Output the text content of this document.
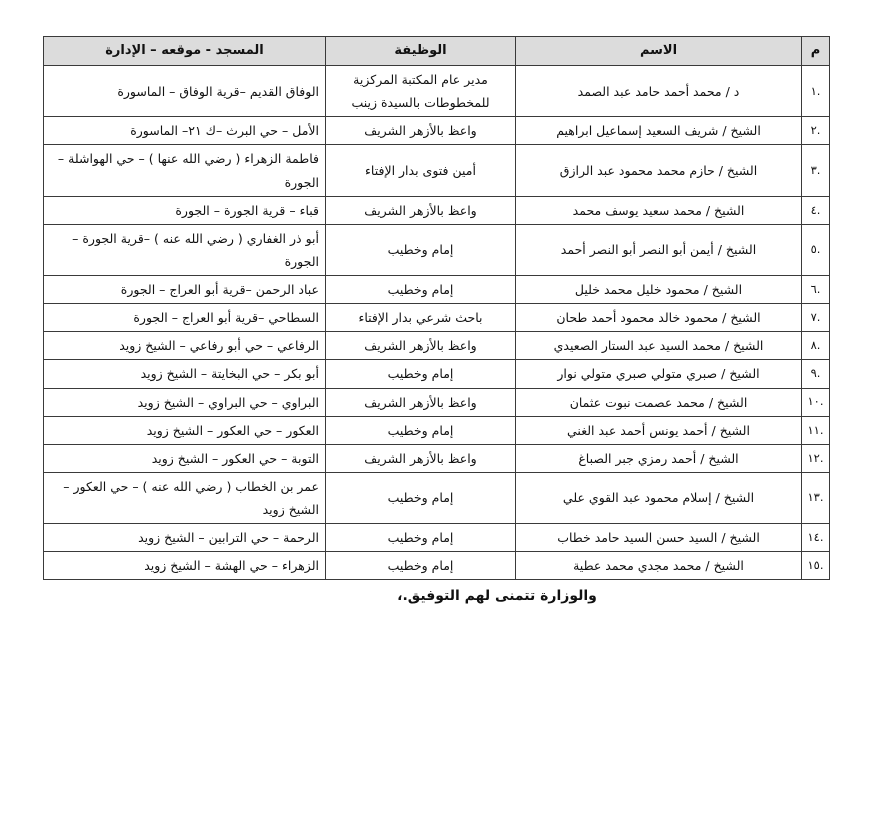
م	الاسم	الوظيفة	المسجد - موقعه – الإدارة
.١	د / محمد أحمد حامد عبد الصمد	مدير عام المكتبة المركزية للمخطوطات بالسيدة زينب	الوفاق القديم –قرية الوفاق – الماسورة
.٢	الشيخ / شريف السعيد إسماعيل ابراهيم	واعظ بالأزهر الشريف	الأمل – حي البرث –ك ٢١– الماسورة
.٣	الشيخ / حازم محمد محمود عبد الرازق	أمين فتوى بدار الإفتاء	فاطمة الزهراء ( رضي الله عنها ) – حي الهواشلة – الجورة
.٤	الشيخ / محمد سعيد يوسف محمد	واعظ بالأزهر الشريف	قباء – قرية الجورة – الجورة
.٥	الشيخ / أيمن أبو النصر أبو النصر أحمد	إمام وخطيب	أبو ذر الغفاري ( رضي الله عنه ) –قرية الجورة – الجورة
.٦	الشيخ / محمود خليل محمد خليل	إمام وخطيب	عباد الرحمن –قرية أبو العراج – الجورة
.٧	الشيخ / محمود خالد محمود أحمد طحان	باحث شرعي بدار الإفتاء	السطاحي –قرية أبو العراج – الجورة
.٨	الشيخ / محمد السيد عبد الستار الصعيدي	واعظ بالأزهر الشريف	الرفاعي – حي أبو رفاعي – الشيخ زويد
.٩	الشيخ / صبري متولي صبري متولي نوار	إمام وخطيب	أبو بكر – حي البخايتة – الشيخ زويد
.١٠	الشيخ / محمد عصمت نبوت عثمان	واعظ بالأزهر الشريف	البراوي – حي البراوي – الشيخ زويد
.١١	الشيخ / أحمد يونس أحمد عبد الغني	إمام وخطيب	العكور – حي العكور – الشيخ زويد
.١٢	الشيخ / أحمد رمزي جبر الصباغ	واعظ بالأزهر الشريف	التوبة – حي العكور – الشيخ زويد
.١٣	الشيخ / إسلام محمود عبد القوي علي	إمام وخطيب	عمر بن الخطاب ( رضي الله عنه ) – حي العكور – الشيخ زويد
.١٤	الشيخ / السيد حسن السيد حامد خطاب	إمام وخطيب	الرحمة – حي الترابين – الشيخ زويد
.١٥	الشيخ / محمد مجدي محمد عطية	إمام وخطيب	الزهراء – حي الهشة – الشيخ زويد
والوزارة تتمنى لهم التوفيق.،
